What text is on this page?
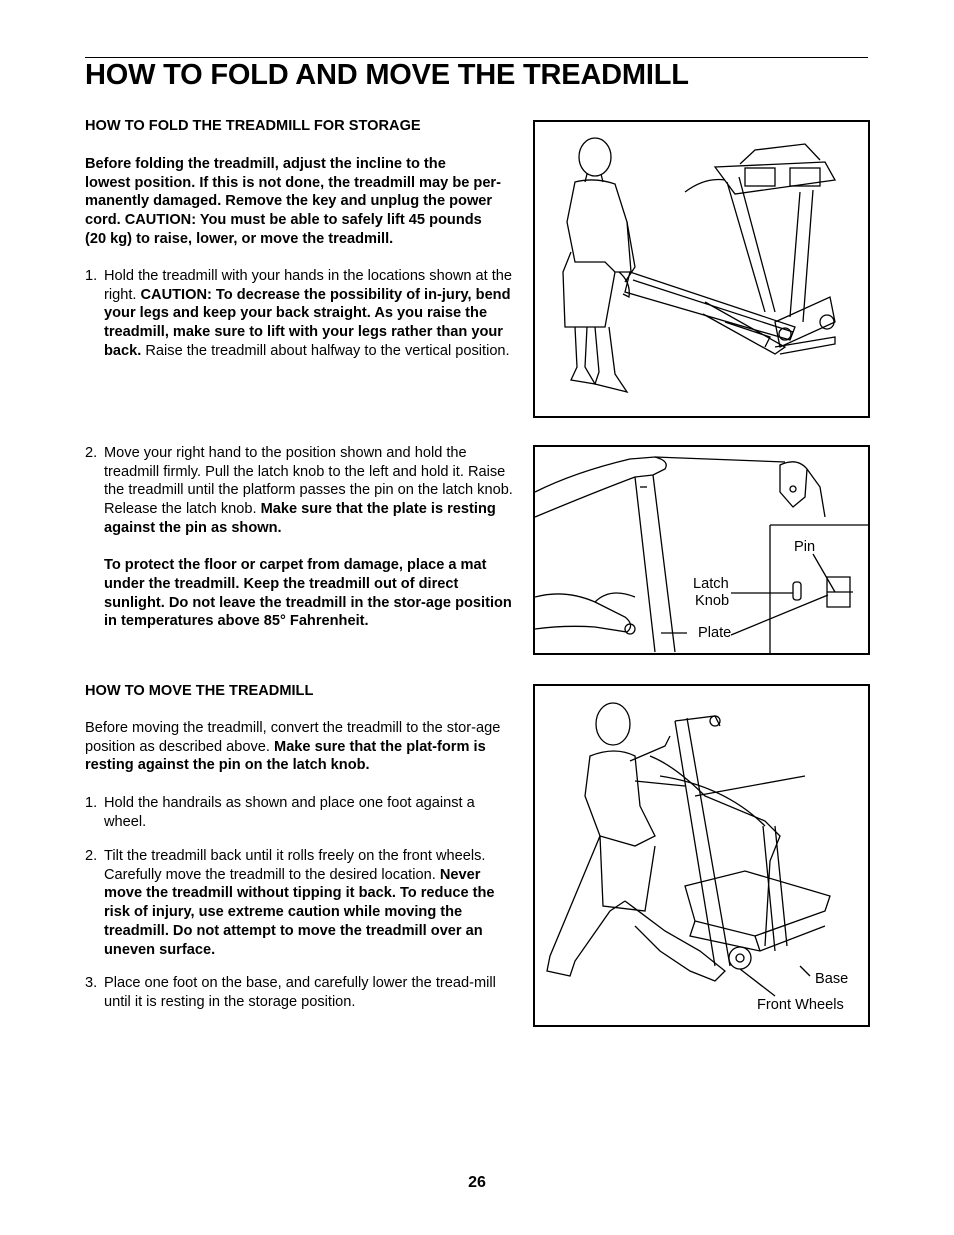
HOW TO FOLD AND MOVE THE TREADMILL
HOW TO FOLD THE TREADMILL FOR STORAGE
Before folding the treadmill, adjust the incline to the
lowest position. If this is not done, the treadmill may be per-
manently damaged. Remove the key and unplug the power
cord. CAUTION: You must be able to safely lift 45 pounds
(20 kg) to raise, lower, or move the treadmill.
1. Hold the treadmill with your hands in the locations shown at the right. CAUTION: To decrease the possibility of in-jury, bend your legs and keep your back straight. As you raise the treadmill, make sure to lift with your legs rather than your back. Raise the treadmill about halfway to the vertical position.
2. Move your right hand to the position shown and hold the treadmill firmly. Pull the latch knob to the left and hold it. Raise the treadmill until the platform passes the pin on the latch knob. Release the latch knob. Make sure that the plate is resting against the pin as shown.
To protect the floor or carpet from damage, place a mat under the treadmill. Keep the treadmill out of direct sunlight. Do not leave the treadmill in the stor-age position in temperatures above 85° Fahrenheit.
HOW TO MOVE THE TREADMILL
Before moving the treadmill, convert the treadmill to the stor-age position as described above. Make sure that the plat-form is resting against the pin on the latch knob.
1. Hold the handrails as shown and place one foot against a wheel.
2. Tilt the treadmill back until it rolls freely on the front wheels. Carefully move the treadmill to the desired location. Never move the treadmill without tipping it back. To reduce the risk of injury, use extreme caution while moving the treadmill. Do not attempt to move the treadmill over an uneven surface.
3. Place one foot on the base, and carefully lower the tread-mill until it is resting in the storage position.
Pin
Latch
Knob
Plate
Base
Front Wheels
26
